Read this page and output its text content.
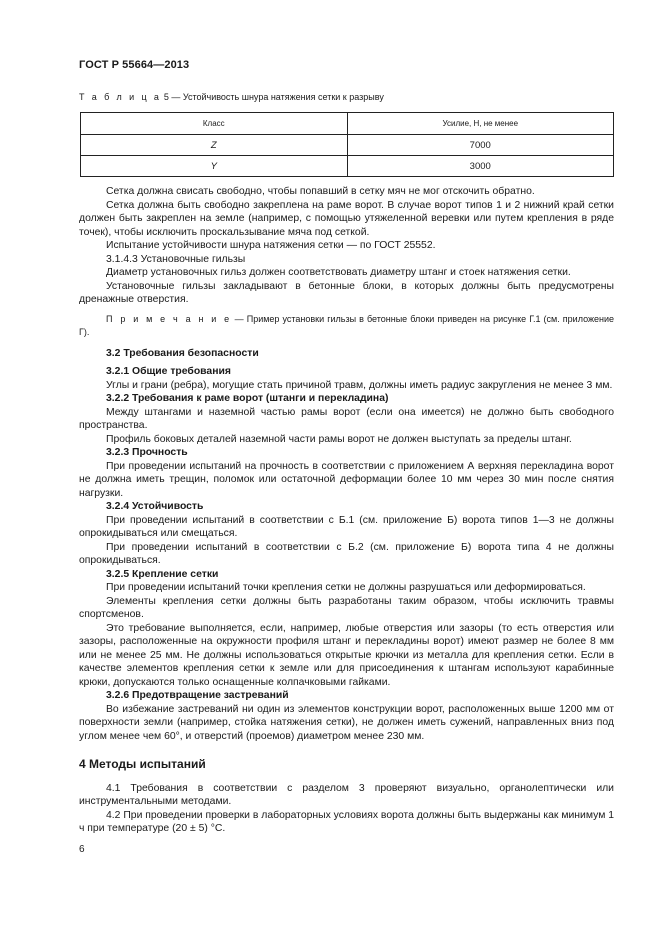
ГОСТ Р 55664—2013
Т а б л и ц а 5 — Устойчивость шнура натяжения сетки к разрыву
Класс	Усилие, Н, не менее
Z	7000
Y	3000

Сетка должна свисать свободно, чтобы попавший в сетку мяч не мог отскочить обратно.

Сетка должна быть свободно закреплена на раме ворот. В случае ворот типов 1 и 2 нижний край сетки должен быть закреплен на земле (например, с помощью утяжеленной веревки или путем крепления в ряде точек), чтобы исключить проскальзывание мяча под сеткой.

Испытание устойчивости шнура натяжения сетки — по ГОСТ 25552.

3.1.4.3 Установочные гильзы

Диаметр установочных гильз должен соответствовать диаметру штанг и стоек натяжения сетки.

Установочные гильзы закладывают в бетонные блоки, в которых должны быть предусмотрены дренажные отверстия.

П р и м е ч а н и е — Пример установки гильзы в бетонные блоки приведен на рисунке Г.1 (см. приложение Г).

3.2 Требования безопасности

3.2.1 Общие требования

Углы и грани (ребра), могущие стать причиной травм, должны иметь радиус закругления не менее 3 мм.

3.2.2 Требования к раме ворот (штанги и перекладина)

Между штангами и наземной частью рамы ворот (если она имеется) не должно быть свободного пространства.

Профиль боковых деталей наземной части рамы ворот не должен выступать за пределы штанг.

3.2.3 Прочность

При проведении испытаний на прочность в соответствии с приложением А верхняя перекладина ворот не должна иметь трещин, поломок или остаточной деформации более 10 мм через 30 мин после снятия нагрузки.

3.2.4 Устойчивость

При проведении испытаний в соответствии с Б.1 (см. приложение Б) ворота типов 1—3 не должны опрокидываться или смещаться.

При проведении испытаний в соответствии с Б.2 (см. приложение Б) ворота типа 4 не должны опрокидываться.

3.2.5 Крепление сетки

При проведении испытаний точки крепления сетки не должны разрушаться или деформироваться.

Элементы крепления сетки должны быть разработаны таким образом, чтобы исключить травмы спортсменов.

Это требование выполняется, если, например, любые отверстия или зазоры (то есть отверстия или зазоры, расположенные на окружности профиля штанг и перекладины ворот) имеют размер не более 8 мм или не менее 25 мм. Не должны использоваться открытые крючки из металла для крепления сетки. Если в качестве элементов крепления сетки к земле или для присоединения к штангам используют карабинные крюки, допускаются только оснащенные колпачковыми гайками.

3.2.6 Предотвращение застреваний

Во избежание застреваний ни один из элементов конструкции ворот, расположенных выше 1200 мм от поверхности земли (например, стойка натяжения сетки), не должен иметь сужений, направленных вниз под углом менее чем 60°, и отверстий (проемов) диаметром менее 230 мм.

4 Методы испытаний

4.1 Требования в соответствии с разделом 3 проверяют визуально, органолептически или инструментальными методами.

4.2 При проведении проверки в лабораторных условиях ворота должны быть выдержаны как минимум 1 ч при температуре (20 ± 5) °С.

6
